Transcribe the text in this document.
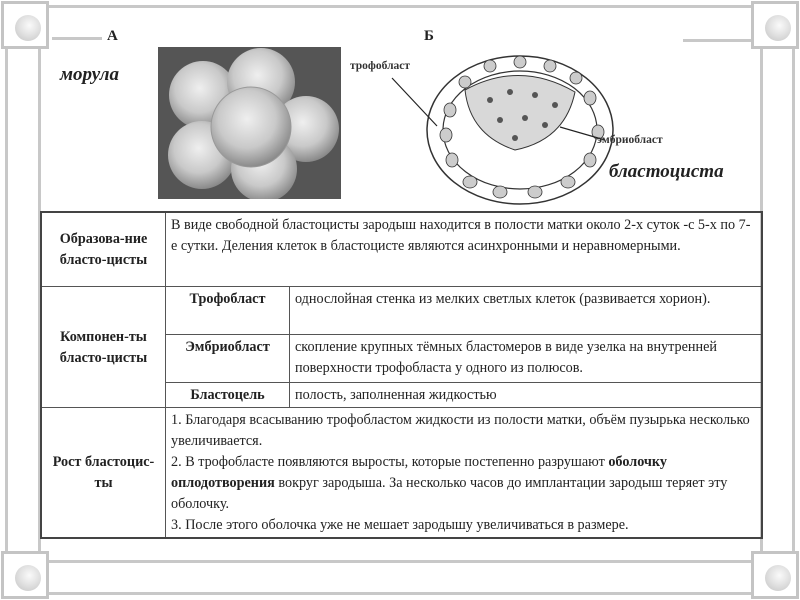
А	Б
морула
бластоциста
трофобласт
эмбриобласт
Образова-ние бласто-цисты	В виде свободной бластоцисты зародыш находится в полости матки около 2-х суток -с 5-х по 7-е сутки. Деления клеток в бластоцисте являются асинхронными и неравномерными.	
Компонен-ты бласто-цисты	Трофобласт	однослойная стенка из мелких светлых клеток (развивается хорион).
	Эмбриобласт	скопление крупных тёмных бластомеров в виде узелка на внутренней поверхности трофобласта у одного из полюсов.
	Бластоцель	полость, заполненная жидкостью
Рост бластоцис-ты	1. Благодаря всасыванию трофобластом жидкости из полости матки, объём пузырька несколько увеличивается.
2. В трофобласте появляются выросты, которые постепенно разрушают оболочку оплодотворения вокруг зародыша. За несколько часов до имплантации зародыш теряет эту оболочку.
3. После этого оболочка уже не мешает зародышу увеличиваться в размере.	
